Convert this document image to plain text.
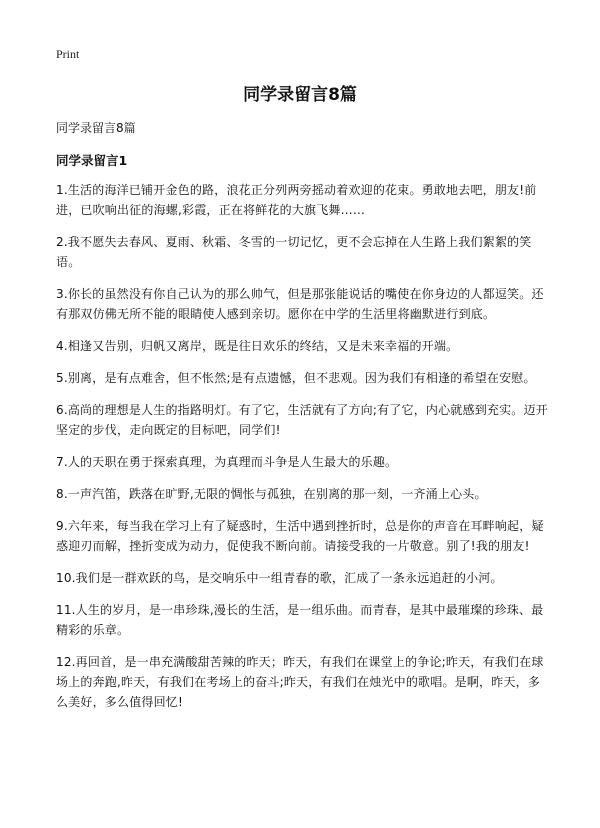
Print
同学录留言8篇

同学录留言8篇

同学录留言1
1.生活的海洋已铺开金色的路，浪花正分列两旁摇动着欢迎的花束。勇敢地去吧，朋友!前进，已吹响出征的海螺,彩霞，正在将鲜花的大旗飞舞……
2.我不愿失去春风、夏雨、秋霜、冬雪的一切记忆，更不会忘掉在人生路上我们絮絮的笑语。
3.你长的虽然没有你自己认为的那么帅气，但是那张能说话的嘴使在你身边的人都逗笑。还有那双仿佛无所不能的眼睛使人感到亲切。愿你在中学的生活里将幽默进行到底。
4.相逢又告别，归帆又离岸，既是往日欢乐的终结，又是未来幸福的开端。
5.别离，是有点难舍，但不怅然;是有点遗憾，但不悲观。因为我们有相逢的希望在安慰。
6.高尚的理想是人生的指路明灯。有了它，生活就有了方向;有了它，内心就感到充实。迈开坚定的步伐，走向既定的目标吧，同学们!
7.人的天职在勇于探索真理，为真理而斗争是人生最大的乐趣。
8.一声汽笛，跌落在旷野,无限的惆怅与孤独，在别离的那一刻，一齐涌上心头。
9.六年来，每当我在学习上有了疑惑时，生活中遇到挫折时，总是你的声音在耳畔响起，疑惑迎刃而解，挫折变成为动力，促使我不断向前。请接受我的一片敬意。别了!我的朋友!
10.我们是一群欢跃的鸟，是交响乐中一组青春的歌，汇成了一条永远追赶的小河。
11.人生的岁月，是一串珍珠,漫长的生活，是一组乐曲。而青春，是其中最璀璨的珍珠、最精彩的乐章。
12.再回首，是一串充满酸甜苦辣的昨天；昨天，有我们在课堂上的争论;昨天，有我们在球场上的奔跑,昨天，有我们在考场上的奋斗;昨天，有我们在烛光中的歌唱。是啊，昨天，多么美好，多么值得回忆!
